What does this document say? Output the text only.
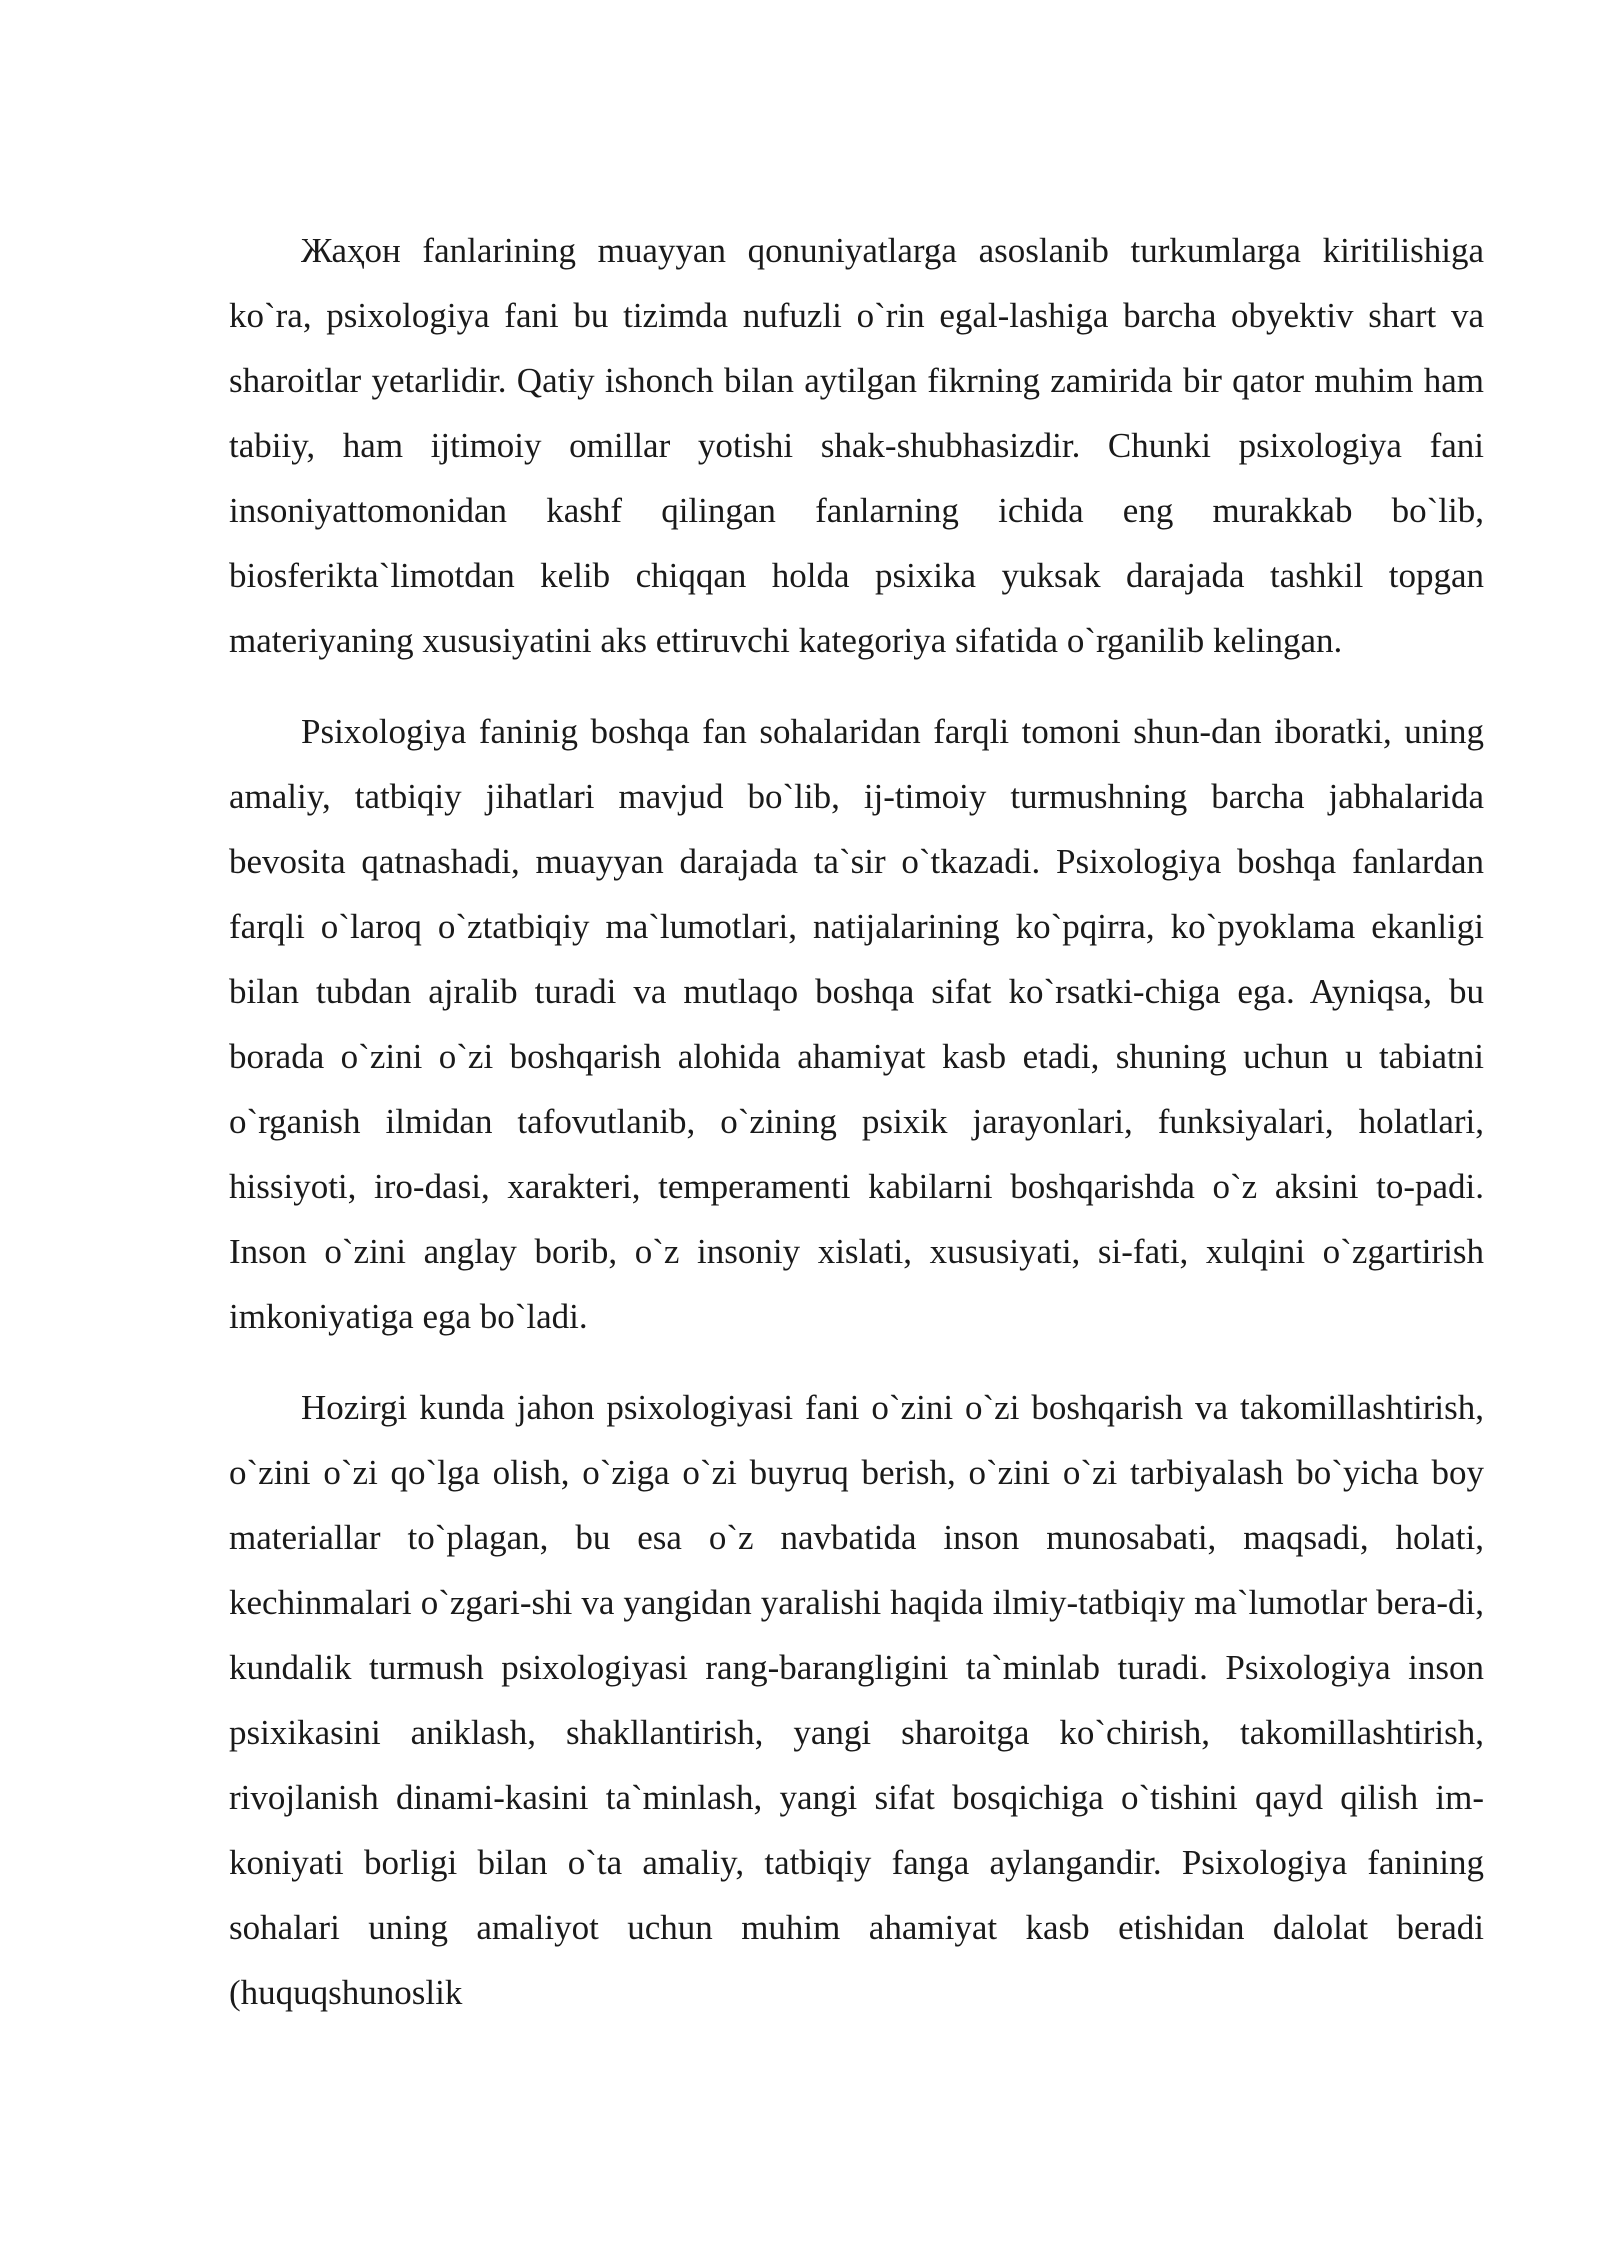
Жаҳон fanlarining muayyan qonuniyatlarga asoslanib turkumlarga kiritilishiga ko`ra, psixologiya fani bu tizimda nufuzli o`rin egal-lashiga barcha obyektiv shart va sharoitlar yetarlidir. Qatiy ishonch bilan aytilgan fikrning zamirida bir qator muhim ham tabiiy, ham ijtimoiy omillar yotishi shak-shubhasizdir. Chunki psixologiya fani insoniyattomonidan kashf qilingan fanlarning ichida eng murakkab bo`lib, biosferikta`limotdan kelib chiqqan holda psixika yuksak darajada tashkil topgan materiyaning xususiyatini aks ettiruvchi kategoriya sifatida o`rganilib kelingan.

Psixologiya faninig boshqa fan sohalaridan farqli tomoni shun-dan iboratki, uning amaliy, tatbiqiy jihatlari mavjud bo`lib, ij-timoiy turmushning barcha jabhalarida bevosita qatnashadi, muayyan darajada ta`sir o`tkazadi. Psixologiya boshqa fanlardan farqli o`laroq o`ztatbiqiy ma`lumotlari, natijalarining ko`pqirra, ko`pyoklama ekanligi bilan tubdan ajralib turadi va mutlaqo boshqa sifat ko`rsatki-chiga ega. Ayniqsa, bu borada o`zini o`zi boshqarish alohida ahamiyat kasb etadi, shuning uchun u tabiatni o`rganish ilmidan tafovutlanib, o`zining psixik jarayonlari, funksiyalari, holatlari, hissiyoti, iro-dasi, xarakteri, temperamenti kabilarni boshqarishda o`z aksini to-padi. Inson o`zini anglay borib, o`z insoniy xislati, xususiyati, si-fati, xulqini o`zgartirish imkoniyatiga ega bo`ladi.

Hozirgi kunda jahon psixologiyasi fani o`zini o`zi boshqarish va takomillashtirish, o`zini o`zi qo`lga olish, o`ziga o`zi buyruq berish, o`zini o`zi tarbiyalash bo`yicha boy materiallar to`plagan, bu esa o`z navbatida inson munosabati, maqsadi, holati, kechinmalari o`zgari-shi va yangidan yaralishi haqida ilmiy-tatbiqiy ma`lumotlar bera-di, kundalik turmush psixologiyasi rang-barangligini ta`minlab turadi. Psixologiya inson psixikasini aniklash, shakllantirish, yangi sharoitga ko`chirish, takomillashtirish, rivojlanish dinami-kasini ta`minlash, yangi sifat bosqichiga o`tishini qayd qilish im-koniyati borligi bilan o`ta amaliy, tatbiqiy fanga aylangandir. Psixologiya fanining sohalari uning amaliyot uchun muhim ahamiyat kasb etishidan dalolat beradi (huquqshunoslik
